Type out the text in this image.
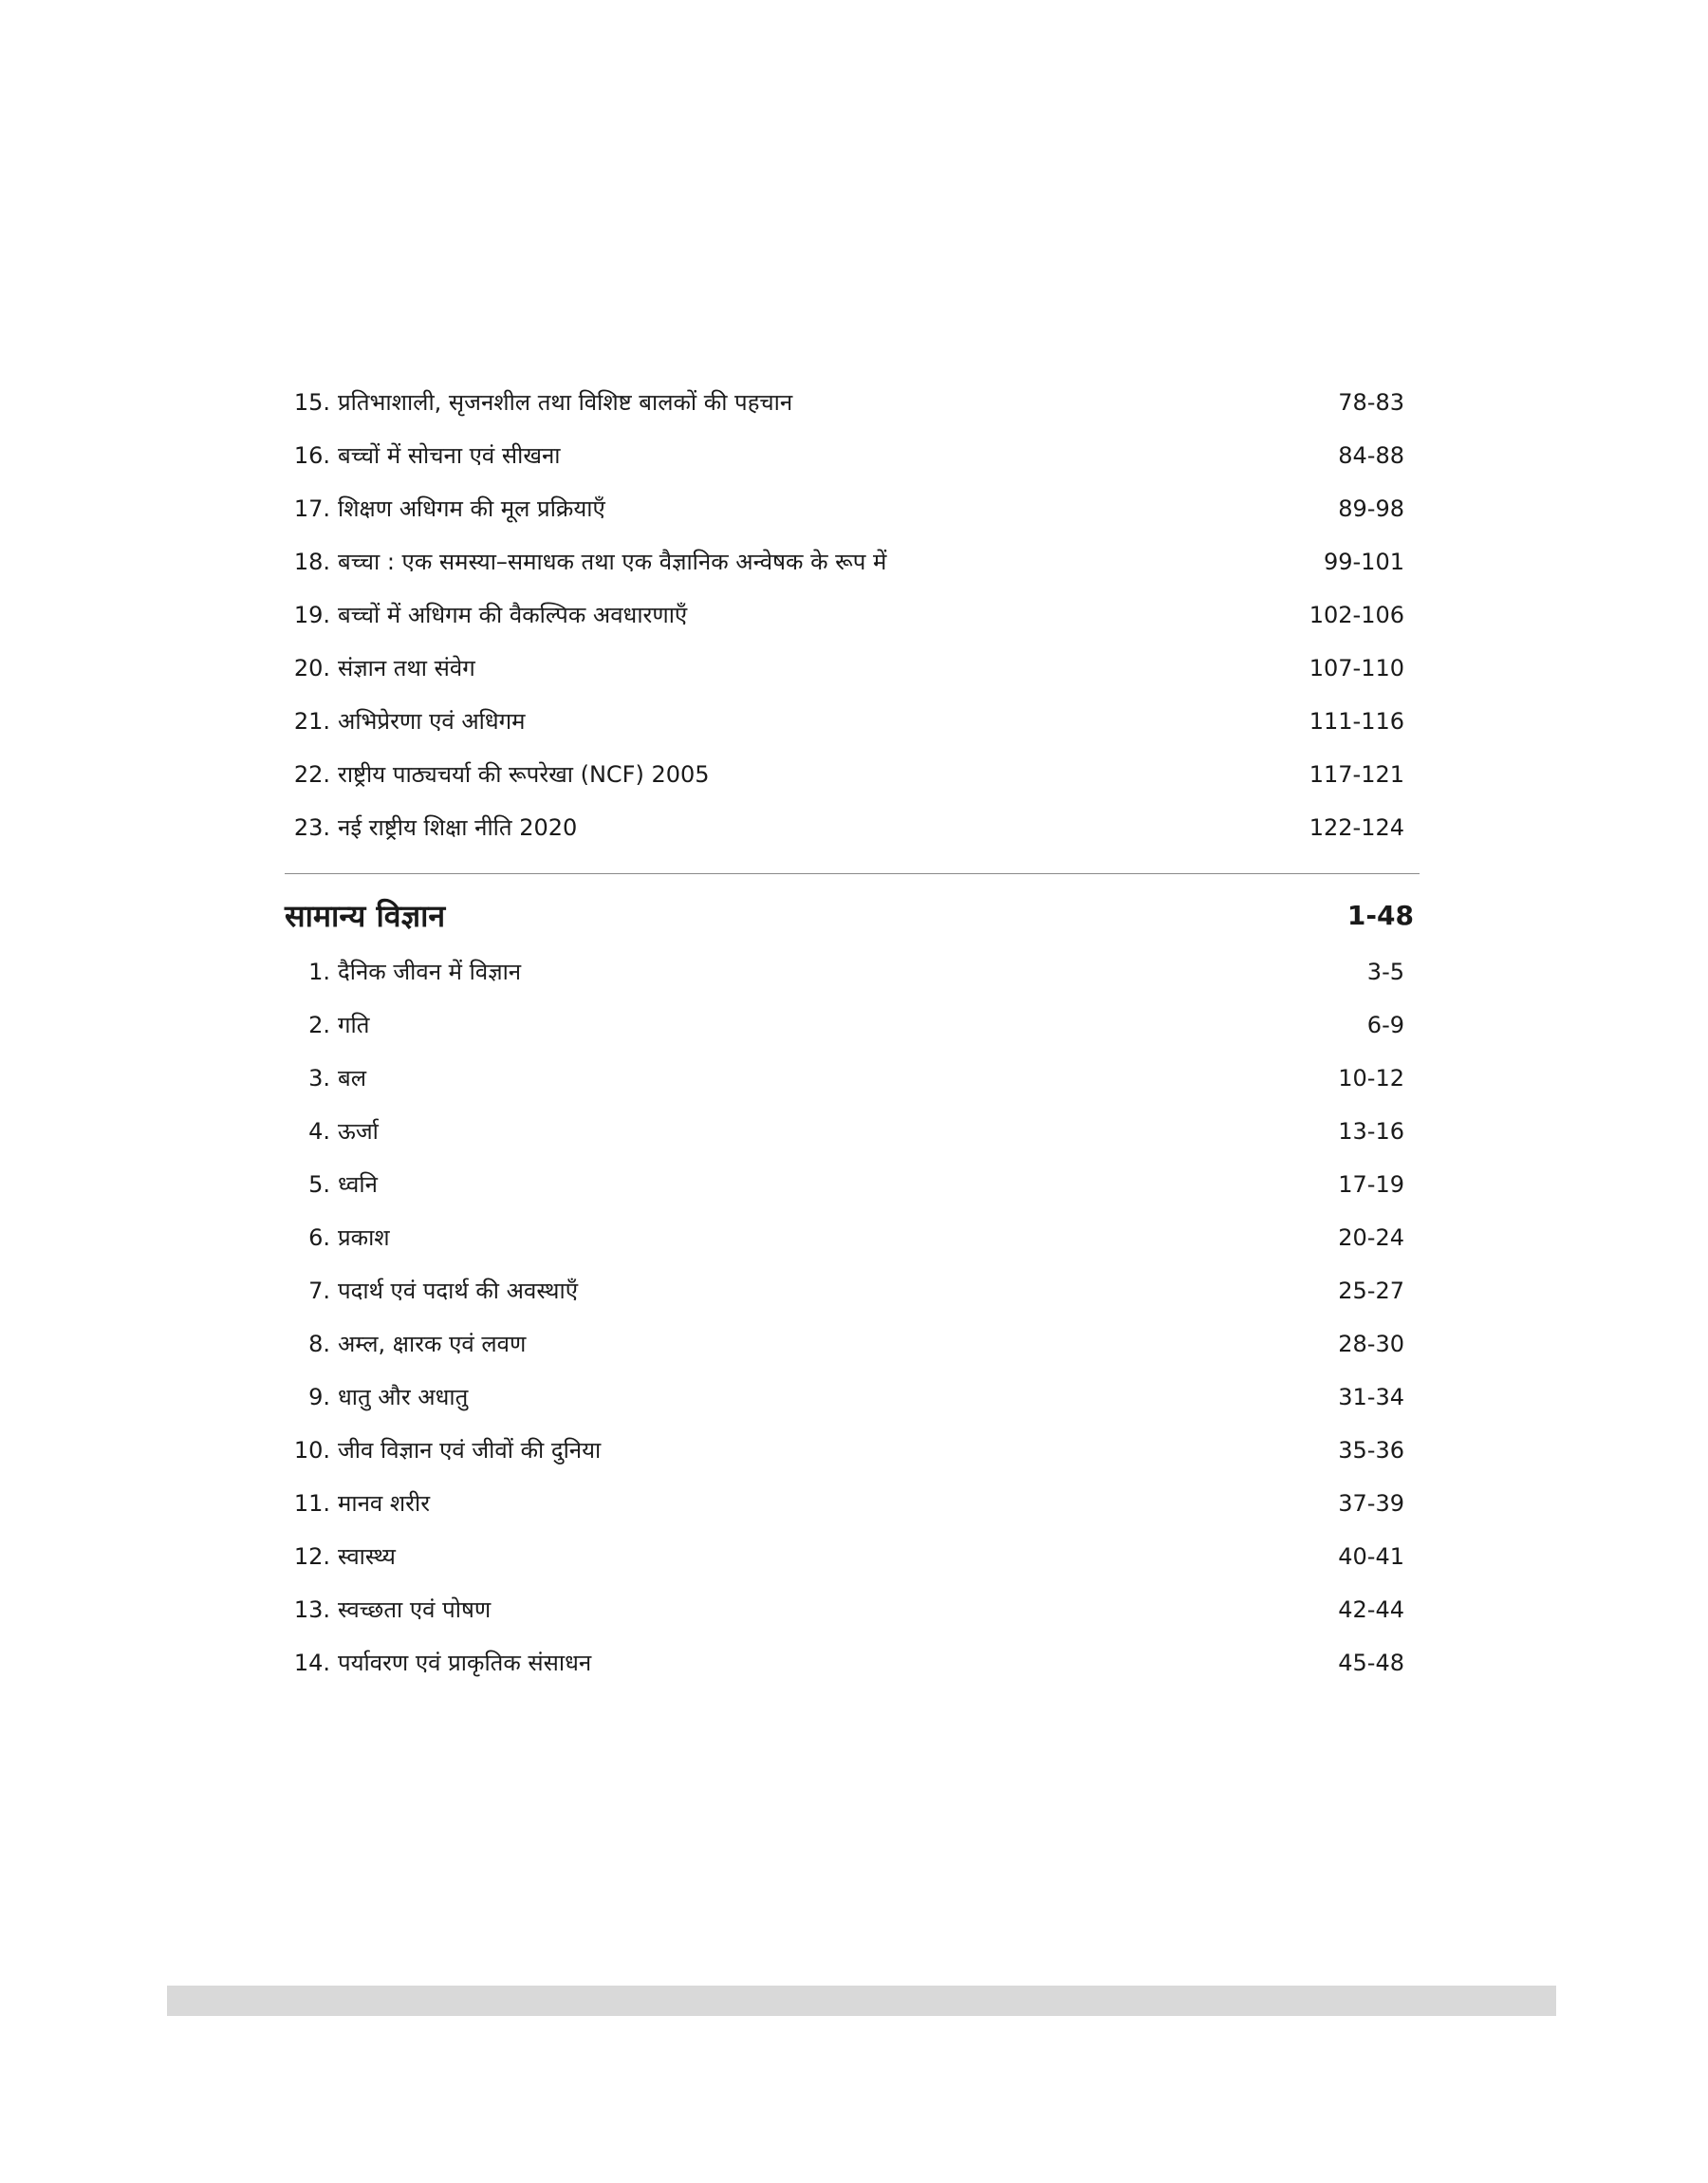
15. प्रतिभाशाली, सृजनशील तथा विशिष्ट बालकों की पहचान	78-83
16. बच्चों में सोचना एवं सीखना	84-88
17. शिक्षण अधिगम की मूल प्रक्रियाएँ	89-98
18. बच्चा : एक समस्या–समाधक तथा एक वैज्ञानिक अन्वेषक के रूप में	99-101
19. बच्चों में अधिगम की वैकल्पिक अवधारणाएँ	102-106
20. संज्ञान तथा संवेग	107-110
21. अभिप्रेरणा एवं अधिगम	111-116
22. राष्ट्रीय पाठ्यचर्या की रूपरेखा (NCF) 2005	117-121
23. नई राष्ट्रीय शिक्षा नीति 2020	122-124
सामान्य विज्ञान	1-48
1. दैनिक जीवन में विज्ञान	3-5
2. गति	6-9
3. बल	10-12
4. ऊर्जा	13-16
5. ध्वनि	17-19
6. प्रकाश	20-24
7. पदार्थ एवं पदार्थ की अवस्थाएँ	25-27
8. अम्ल, क्षारक एवं लवण	28-30
9. धातु और अधातु	31-34
10. जीव विज्ञान एवं जीवों की दुनिया	35-36
11. मानव शरीर	37-39
12. स्वास्थ्य	40-41
13. स्वच्छता एवं पोषण	42-44
14. पर्यावरण एवं प्राकृतिक संसाधन	45-48
